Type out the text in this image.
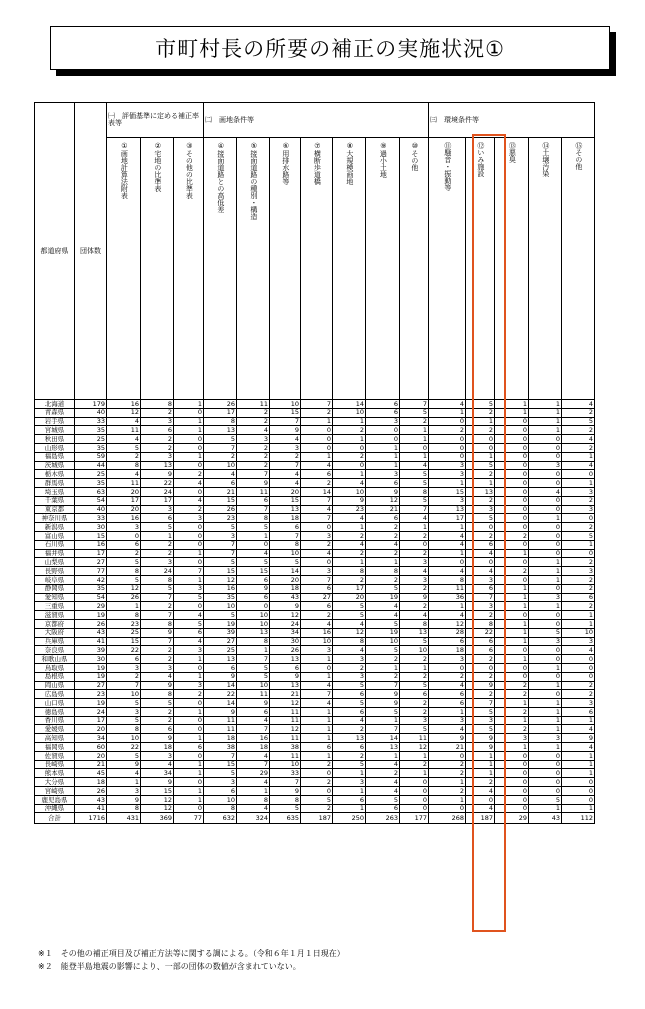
市町村長の所要の補正の実施状況①
都道府県	団体数	㈠　評価基準に定める補正率表等			㈡　画地条件等							㈢　環境条件等				

		①画地計算法附表	②宅地の比準表	③その他の比準表	④接面道路との高低差	⑤接面道路の種別・構造	⑥用排水路等	⑦横断歩道橋	⑧大規模画地	⑨過小土地	⑩その他	⑪騒音・振動等	⑫いみ施設	⑬悪臭	⑭土壌汚染	⑮その他

北海道	179	16	8	1	26	11	10	7	14	6	7	4	5	1	1	4
青森県	40	12	2	0	17	2	15	2	10	6	5	1	2	1	1	2
岩手県	33	4	3	1	8	2	7	1	1	3	2	0	1	0	1	5
宮城県	35	11	6	1	13	4	9	0	2	0	1	2	2	0	1	2
秋田県	25	4	2	0	5	3	4	0	1	0	1	0	0	0	0	4
山形県	35	5	2	0	7	2	3	0	0	1	0	0	0	0	0	2
福島県	59	2	3	1	2	2	2	1	2	1	1	0	1	0	0	1
茨城県	44	8	13	0	10	2	7	4	0	1	4	3	5	0	3	4
栃木県	25	4	9	2	4	7	4	6	1	3	5	3	2	0	0	0
群馬県	35	11	22	4	6	9	4	2	4	6	5	1	1	0	0	1
埼玉県	63	20	24	0	21	11	20	14	10	9	8	15	13	0	4	3
千葉県	54	17	17	4	15	6	15	7	9	12	5	3	2	0	0	2
東京都	40	20	3	2	26	7	13	4	23	21	7	13	3	0	0	3
神奈川県	33	16	6	3	23	8	18	7	4	6	4	17	5	0	1	0
新潟県	30	3	5	0	5	5	6	0	1	2	1	1	0	0	0	2
富山県	15	0	1	0	3	1	7	3	2	2	2	4	2	2	0	5
石川県	16	6	2	0	7	0	8	2	4	4	0	4	6	0	0	1
福井県	17	2	2	1	7	4	10	4	2	2	2	1	4	1	0	0
山梨県	27	5	3	0	5	5	5	0	1	1	3	0	0	0	1	2
長野県	77	8	24	7	15	15	14	3	8	8	4	4	4	2	1	3
岐阜県	42	5	8	1	12	6	20	7	2	2	3	8	3	0	1	2
静岡県	35	12	5	3	16	9	18	6	17	5	2	11	6	1	0	2
愛知県	54	26	7	5	35	6	43	27	20	19	9	36	7	1	3	6
三重県	29	1	2	0	10	0	9	6	5	4	2	1	3	1	1	2
滋賀県	19	8	7	4	5	10	12	2	5	4	4	4	2	0	0	1
京都府	26	23	8	5	19	10	24	4	4	5	8	12	8	1	0	1
大阪府	43	25	9	6	39	13	34	16	12	19	13	28	22	1	5	10
兵庫県	41	15	7	4	27	8	30	10	8	10	5	6	6	1	3	3
奈良県	39	22	2	3	25	1	26	3	4	5	10	18	6	0	0	4
和歌山県	30	6	2	1	13	7	13	1	3	2	2	3	2	1	0	0
鳥取県	19	3	3	0	6	5	6	0	2	1	1	0	0	0	1	0
島根県	19	2	4	1	9	5	9	1	3	2	2	2	2	0	0	0
岡山県	27	7	9	3	14	10	13	4	5	7	5	4	9	2	1	2
広島県	23	10	8	2	22	11	21	7	6	9	6	6	2	2	0	2
山口県	19	5	5	0	14	9	12	4	5	9	2	6	7	1	1	3
徳島県	24	3	2	1	9	6	11	1	6	5	2	1	5	2	1	6
香川県	17	5	2	0	11	4	11	1	4	1	3	3	3	1	1	1
愛媛県	20	8	6	0	11	7	12	1	2	7	5	4	5	2	1	4
高知県	34	10	9	1	18	16	11	1	13	14	11	9	9	3	3	9
福岡県	60	22	18	6	38	18	38	6	6	13	12	21	9	1	1	4
佐賀県	20	5	3	0	7	4	11	1	2	1	1	0	1	0	0	1
長崎県	21	9	4	1	15	7	10	2	5	4	2	2	1	0	0	1
熊本県	45	4	34	1	5	29	33	0	1	2	1	2	1	0	0	1
大分県	18	1	9	0	3	4	7	2	3	4	0	1	2	0	0	0
宮崎県	26	3	15	1	6	1	9	0	1	4	0	2	4	0	0	0
鹿児島県	43	9	12	1	10	8	8	5	6	5	0	1	0	0	5	0
沖縄県	41	8	12	0	8	4	5	2	1	6	0	0	4	0	1	1
合計	1716	431	369	77	632	324	635	187	250	263	177	268	187	29	43	112
※１　その他の補正項目及び補正方法等に関する調による。（令和６年１月１日現在）
※２　能登半島地震の影響により、一部の団体の数値が含まれていない。
